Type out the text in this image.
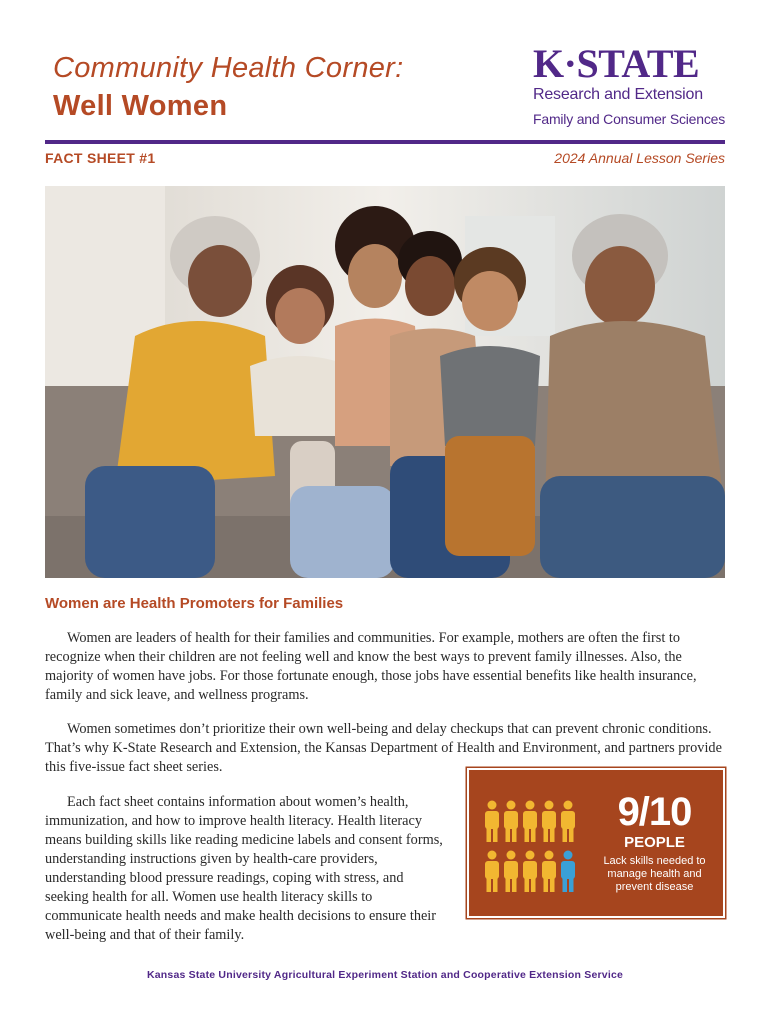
Community Health Corner:
Well Women
K·STATE
Research and Extension
Family and Consumer Sciences
FACT SHEET #1	2024 Annual Lesson Series
Women are Health Promoters for Families

Women are leaders of health for their families and communities. For example, mothers are often the first to recognize when their children are not feeling well and know the best ways to prevent family illnesses. Also, the majority of women have jobs. For those fortunate enough, those jobs have essential benefits like health insurance, family and sick leave, and wellness programs.

Women sometimes don’t prioritize their own well-being and delay checkups that can prevent chronic conditions. That’s why K-State Research and Extension, the Kansas Department of Health and Environment, and partners provide this five-issue fact sheet series.

Each fact sheet contains information about women’s health, immunization, and how to improve health literacy. Health literacy means building skills like reading medicine labels and consent forms, understanding instructions given by health-care providers, understanding blood pressure readings, coping with stress, and seeking health for all. Women use health literacy skills to communicate health needs and make health decisions to ensure their well-being and that of their family.

9/10
PEOPLE
Lack skills needed to manage health and prevent disease
Kansas State University Agricultural Experiment Station and Cooperative Extension Service
